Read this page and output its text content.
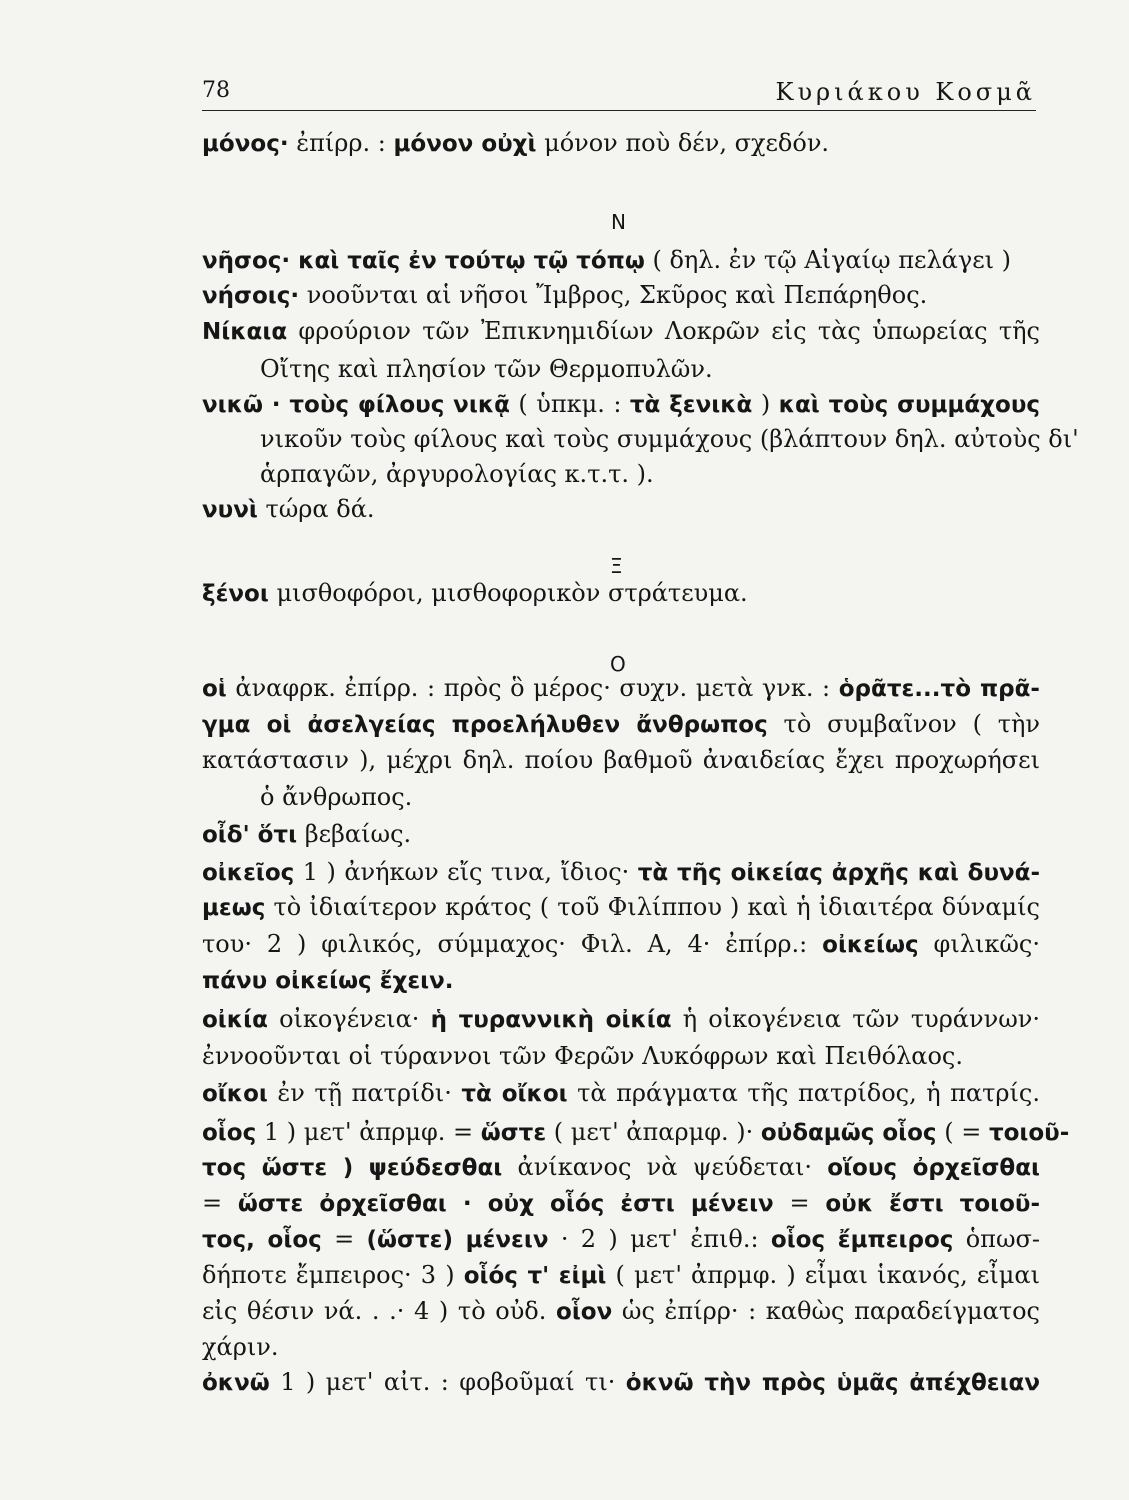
78	Κυριάκου Κοσμᾶ
Ν
Ξ
Ο
μόνος· ἐπίρρ. : μόνον οὐχὶ μόνον ποὺ δέν, σχεδόν.
νῆσος· καὶ ταῖς ἐν τούτῳ τῷ τόπῳ ( δηλ. ἐν τῷ Αἰγαίῳ πελάγει )
νήσοις· νοοῦνται αἱ νῆσοι Ἴμβρος, Σκῦρος καὶ Πεπάρηθος.
Νίκαια φρούριον τῶν Ἐπικνημιδίων Λοκρῶν εἰς τὰς ὑπωρείας τῆς
Οἴτης καὶ πλησίον τῶν Θερμοπυλῶν.
νικῶ · τοὺς φίλους νικᾷ ( ὑπκμ. : τὰ ξενικὰ ) καὶ τοὺς συμμάχους
νικοῦν τοὺς φίλους καὶ τοὺς συμμάχους (βλάπτουν δηλ. αὐτοὺς δι'
ἁρπαγῶν, ἀργυρολογίας κ.τ.τ. ).
νυνὶ τώρα δά.
ξένοι μισθοφόροι, μισθοφορικὸν στράτευμα.
οἱ ἀναφρκ. ἐπίρρ. : πρὸς ὃ μέρος· συχν. μετὰ γνκ. : ὁρᾶτε...τὸ πρᾶ-
γμα οἱ ἀσελγείας προελήλυθεν ἄνθρωπος τὸ συμβαῖνον ( τὴν
κατάστασιν ), μέχρι δηλ. ποίου βαθμοῦ ἀναιδείας ἔχει προχωρήσει
ὁ ἄνθρωπος.
οἶδ' ὅτι βεβαίως.
οἰκεῖος 1 ) ἀνήκων εἴς τινα, ἴδιος· τὰ τῆς οἰκείας ἀρχῆς καὶ δυνά-
μεως τὸ ἰδιαίτερον κράτος ( τοῦ Φιλίππου ) καὶ ἡ ἰδιαιτέρα δύναμίς
του· 2 ) φιλικός, σύμμαχος· Φιλ. Α, 4· ἐπίρρ.: οἰκείως φιλικῶς·
πάνυ οἰκείως ἔχειν.
οἰκία οἰκογένεια· ἡ τυραννικὴ οἰκία ἡ οἰκογένεια τῶν τυράννων·
ἐννοοῦνται οἱ τύραννοι τῶν Φερῶν Λυκόφρων καὶ Πειθόλαος.
οἴκοι ἐν τῇ πατρίδι· τὰ οἴκοι τὰ πράγματα τῆς πατρίδος, ἡ πατρίς.
οἷος 1 ) μετ' ἀπρμφ. = ὥστε ( μετ' ἀπαρμφ. )· οὐδαμῶς οἷος ( = τοιοῦ-
τος ὥστε ) ψεύδεσθαι ἀνίκανος νὰ ψεύδεται· οἵους ὀρχεῖσθαι
= ὥστε ὀρχεῖσθαι · οὐχ οἷός ἐστι μένειν = οὐκ ἔστι τοιοῦ-
τος, οἷος = (ὥστε) μένειν · 2 ) μετ' ἐπιθ.: οἷος ἔμπειρος ὁπωσ-
δήποτε ἔμπειρος· 3 ) οἷός τ' εἰμὶ ( μετ' ἀπρμφ. ) εἶμαι ἱκανός, εἶμαι
εἰς θέσιν νά. . .· 4 ) τὸ οὐδ. οἷον ὡς ἐπίρρ· : καθὼς παραδείγματος
χάριν.
ὀκνῶ 1 ) μετ' αἰτ. : φοβοῦμαί τι· ὀκνῶ τὴν πρὸς ὑμᾶς ἀπέχθειαν
